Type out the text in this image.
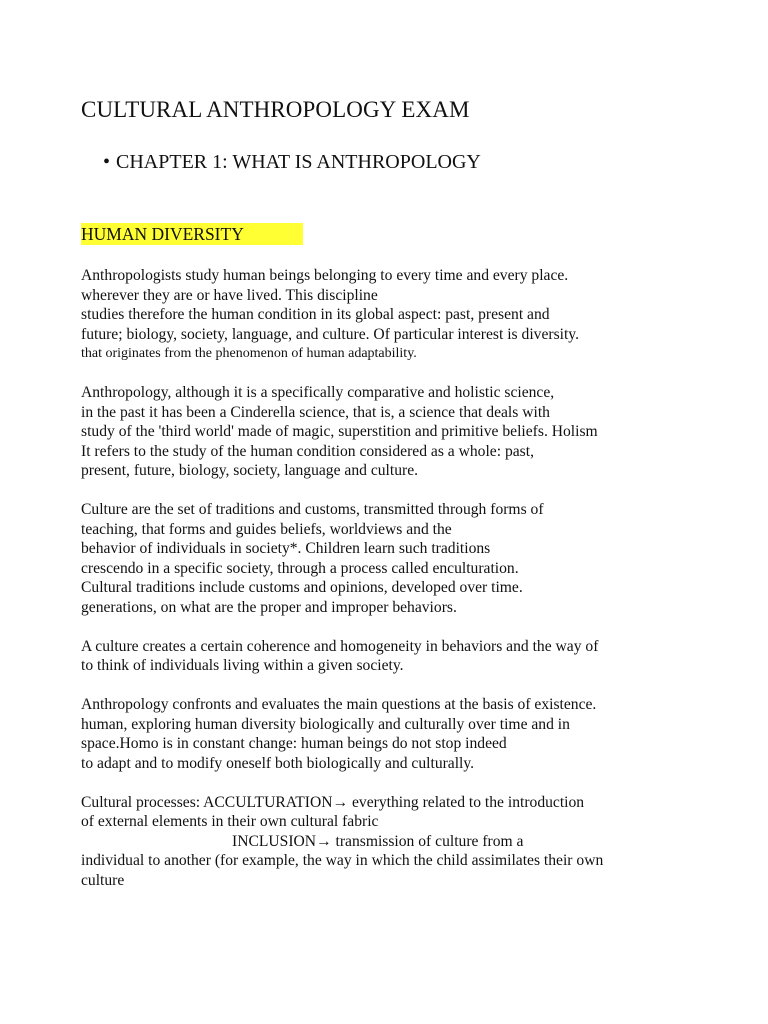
CULTURAL ANTHROPOLOGY EXAM
• CHAPTER 1: WHAT IS ANTHROPOLOGY
HUMAN DIVERSITY

Anthropologists study human beings belonging to every time and every place.
wherever they are or have lived. This discipline
studies therefore the human condition in its global aspect: past, present and
future; biology, society, language, and culture. Of particular interest is diversity.
that originates from the phenomenon of human adaptability.

Anthropology, although it is a specifically comparative and holistic science,
in the past it has been a Cinderella science, that is, a science that deals with
study of the 'third world' made of magic, superstition and primitive beliefs. Holism
It refers to the study of the human condition considered as a whole: past,
present, future, biology, society, language and culture.

Culture are the set of traditions and customs, transmitted through forms of
teaching, that forms and guides beliefs, worldviews and the
behavior of individuals in society*. Children learn such traditions
crescendo in a specific society, through a process called enculturation.
Cultural traditions include customs and opinions, developed over time.
generations, on what are the proper and improper behaviors.

A culture creates a certain coherence and homogeneity in behaviors and the way of
to think of individuals living within a given society.

Anthropology confronts and evaluates the main questions at the basis of existence.
human, exploring human diversity biologically and culturally over time and in
space.Homo is in constant change: human beings do not stop indeed
to adapt and to modify oneself both biologically and culturally.

Cultural processes: ACCULTURATION→ everything related to the introduction
of external elements in their own cultural fabric
INCLUSION→ transmission of culture from a
individual to another (for example, the way in which the child assimilates their own
culture
